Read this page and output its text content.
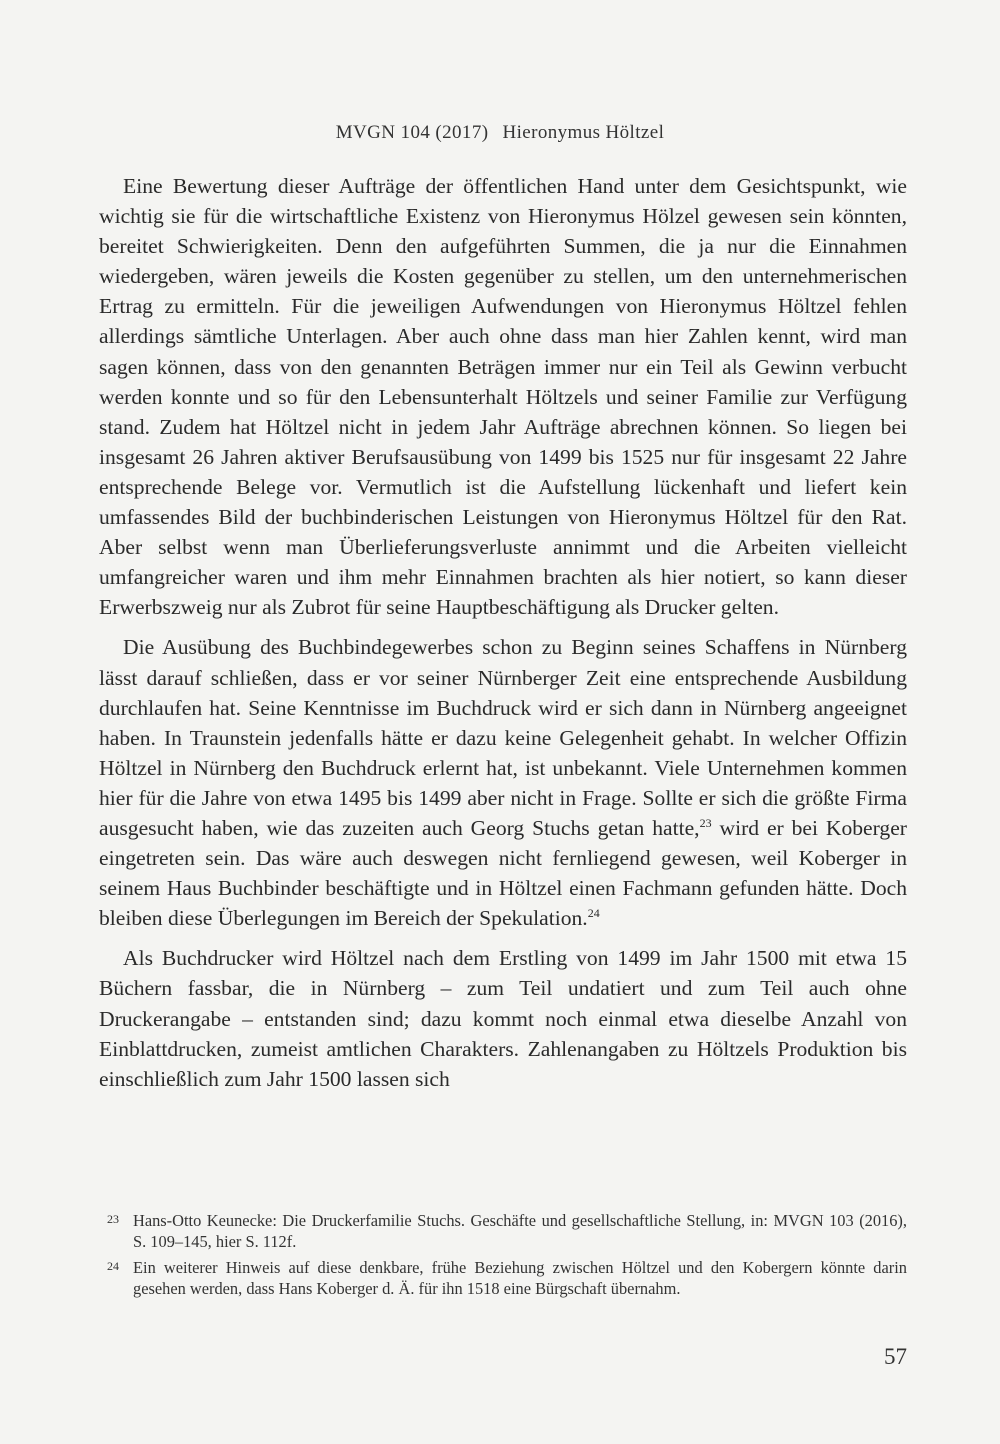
MVGN 104 (2017) Hieronymus Höltzel

Eine Bewertung dieser Aufträge der öffentlichen Hand unter dem Gesichtspunkt, wie wichtig sie für die wirtschaftliche Existenz von Hieronymus Hölzel gewesen sein könnten, bereitet Schwierigkeiten. Denn den aufgeführten Summen, die ja nur die Einnahmen wiedergeben, wären jeweils die Kosten gegenüber zu stellen, um den unternehmerischen Ertrag zu ermitteln. Für die jeweiligen Aufwendungen von Hieronymus Höltzel fehlen allerdings sämtliche Unterlagen. Aber auch ohne dass man hier Zahlen kennt, wird man sagen können, dass von den genannten Beträgen immer nur ein Teil als Gewinn verbucht werden konnte und so für den Lebensunterhalt Höltzels und seiner Familie zur Verfügung stand. Zudem hat Höltzel nicht in jedem Jahr Aufträge abrechnen können. So liegen bei insgesamt 26 Jahren aktiver Berufsausübung von 1499 bis 1525 nur für insgesamt 22 Jahre entsprechende Belege vor. Vermutlich ist die Aufstellung lückenhaft und liefert kein umfassendes Bild der buchbinderischen Leistungen von Hieronymus Höltzel für den Rat. Aber selbst wenn man Überlieferungsverluste annimmt und die Arbeiten vielleicht umfangreicher waren und ihm mehr Einnahmen brachten als hier notiert, so kann dieser Erwerbszweig nur als Zubrot für seine Hauptbeschäftigung als Drucker gelten.

Die Ausübung des Buchbindegewerbes schon zu Beginn seines Schaffens in Nürnberg lässt darauf schließen, dass er vor seiner Nürnberger Zeit eine entsprechende Ausbildung durchlaufen hat. Seine Kenntnisse im Buchdruck wird er sich dann in Nürnberg angeeignet haben. In Traunstein jedenfalls hätte er dazu keine Gelegenheit gehabt. In welcher Offizin Höltzel in Nürnberg den Buchdruck erlernt hat, ist unbekannt. Viele Unternehmen kommen hier für die Jahre von etwa 1495 bis 1499 aber nicht in Frage. Sollte er sich die größte Firma ausgesucht haben, wie das zuzeiten auch Georg Stuchs getan hatte,$^{23}$ wird er bei Koberger eingetreten sein. Das wäre auch deswegen nicht fernliegend gewesen, weil Koberger in seinem Haus Buchbinder beschäftigte und in Höltzel einen Fachmann gefunden hätte. Doch bleiben diese Überlegungen im Bereich der Spekulation.$^{24}$

Als Buchdrucker wird Höltzel nach dem Erstling von 1499 im Jahr 1500 mit etwa 15 Büchern fassbar, die in Nürnberg – zum Teil undatiert und zum Teil auch ohne Druckerangabe – entstanden sind; dazu kommt noch einmal etwa dieselbe Anzahl von Einblattdrucken, zumeist amtlichen Charakters. Zahlenangaben zu Höltzels Produktion bis einschließlich zum Jahr 1500 lassen sich

23 Hans-Otto Keunecke: Die Druckerfamilie Stuchs. Geschäfte und gesellschaftliche Stellung, in: MVGN 103 (2016), S. 109–145, hier S. 112f.
24 Ein weiterer Hinweis auf diese denkbare, frühe Beziehung zwischen Höltzel und den Kobergern könnte darin gesehen werden, dass Hans Koberger d. Ä. für ihn 1518 eine Bürgschaft übernahm.
57
